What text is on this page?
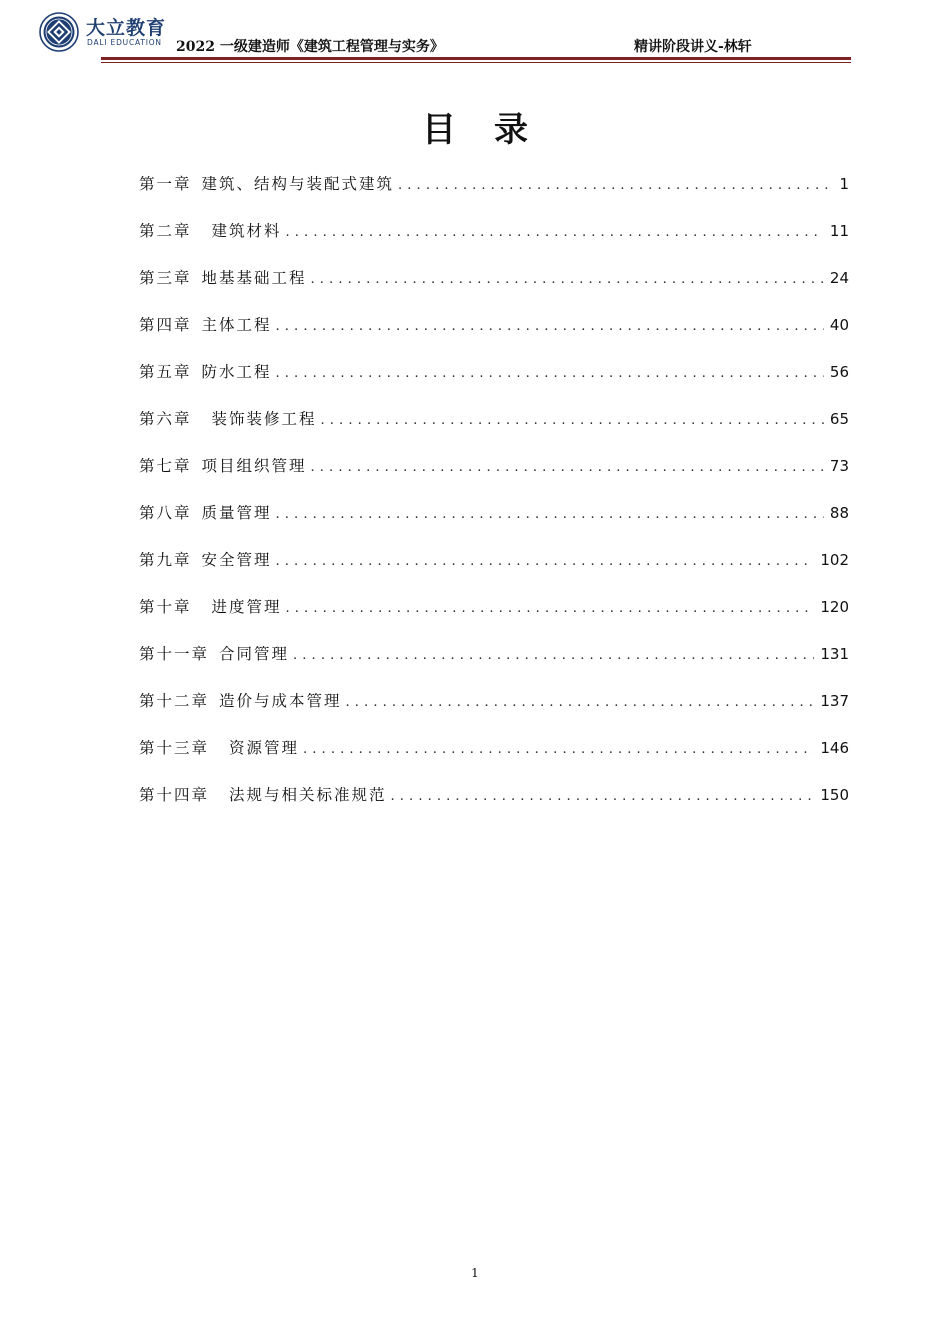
大立教育
DALI EDUCATION 2022 一级建造师《建筑工程管理与实务》	精讲阶段讲义-林轩
目录
第一章 建筑、结构与装配式建筑 . . .	1
第二章 建筑材料 . . .	11
第三章 地基基础工程 . . .	24
第四章 主体工程 . . .	40
第五章 防水工程 . . .	56
第六章 装饰装修工程 . . .	65
第七章 项目组织管理 . . .	73
第八章 质量管理 . . .	88
第九章 安全管理 . . .	102
第十章 进度管理 . . .	120
第十一章 合同管理 . . .	131
第十二章 造价与成本管理 . . .	137
第十三章 资源管理 . . .	146
第十四章 法规与相关标准规范 . . .	150
1
